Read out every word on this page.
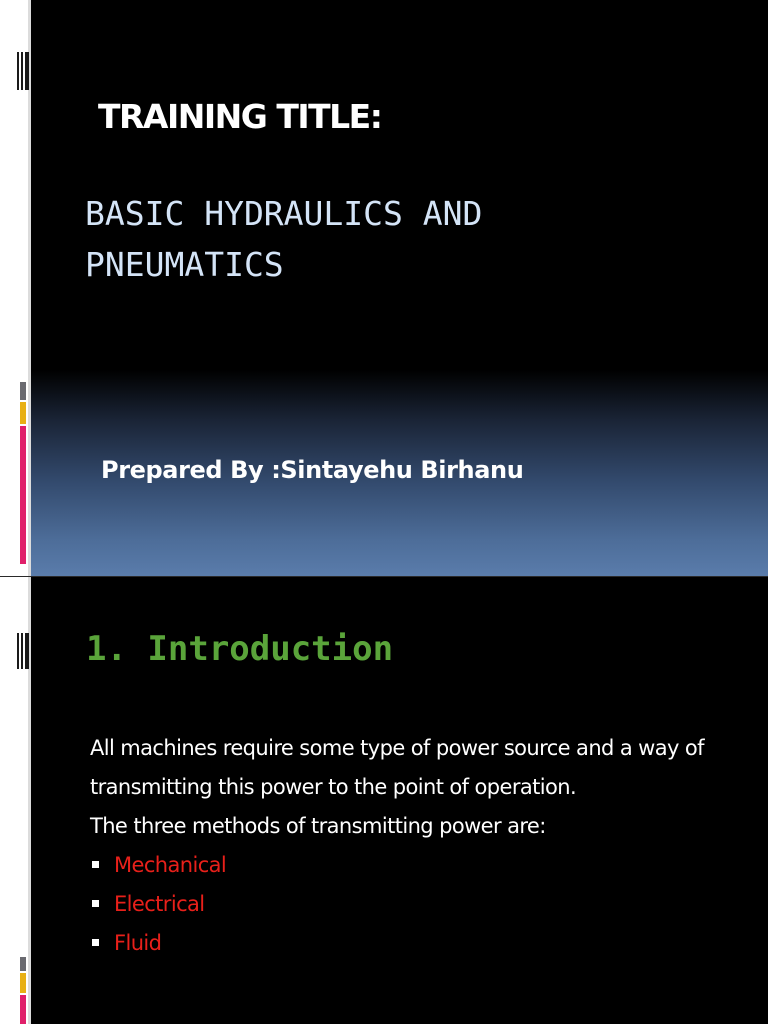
TRAINING TITLE:
BASIC HYDRAULICS AND
PNEUMATICS
Prepared By :Sintayehu Birhanu
1. Introduction

All machines require some type of power source and a way of transmitting this power to the point of operation.

The three methods of transmitting power are:

Mechanical
Electrical
Fluid
